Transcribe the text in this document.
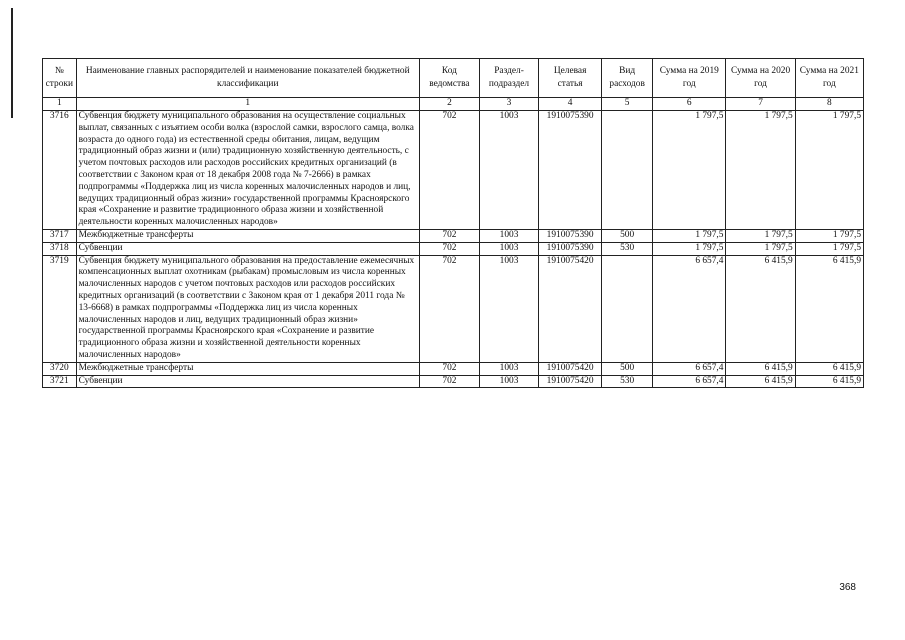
№ строки	Наименование главных распорядителей и наименование показателей бюджетной классификации	Код ведомства	Раздел-подраздел	Целевая статья	Вид расходов	Сумма на 2019 год	Сумма на 2020 год	Сумма на 2021 год
1	1	2	3	4	5	6	7	8
3716	Субвенция бюджету муниципального образования на осуществление социальных выплат, связанных с изъятием особи волка (взрослой самки, взрослого самца, волка возраста до одного года) из естественной среды обитания, лицам, ведущим традиционный образ жизни и (или) традиционную хозяйственную деятельность, с учетом почтовых расходов или расходов российских кредитных организаций (в соответствии с Законом края от 18 декабря 2008 года № 7-2666) в рамках подпрограммы «Поддержка лиц из числа коренных малочисленных народов и лиц, ведущих традиционный образ жизни» государственной программы Красноярского края «Сохранение и развитие традиционного образа жизни и хозяйственной деятельности коренных малочисленных народов»	702	1003	1910075390		1 797,5	1 797,5	1 797,5
3717	Межбюджетные трансферты	702	1003	1910075390	500	1 797,5	1 797,5	1 797,5
3718	Субвенции	702	1003	1910075390	530	1 797,5	1 797,5	1 797,5
3719	Субвенция бюджету муниципального образования на предоставление ежемесячных компенсационных выплат охотникам (рыбакам) промысловым из числа коренных малочисленных народов с учетом почтовых расходов или расходов российских кредитных организаций (в соответствии с Законом края от 1 декабря 2011 года № 13-6668) в рамках подпрограммы «Поддержка лиц из числа коренных малочисленных народов и лиц, ведущих традиционный образ жизни» государственной программы Красноярского края «Сохранение и развитие традиционного образа жизни и хозяйственной деятельности коренных малочисленных народов»	702	1003	1910075420		6 657,4	6 415,9	6 415,9
3720	Межбюджетные трансферты	702	1003	1910075420	500	6 657,4	6 415,9	6 415,9
3721	Субвенции	702	1003	1910075420	530	6 657,4	6 415,9	6 415,9
368
